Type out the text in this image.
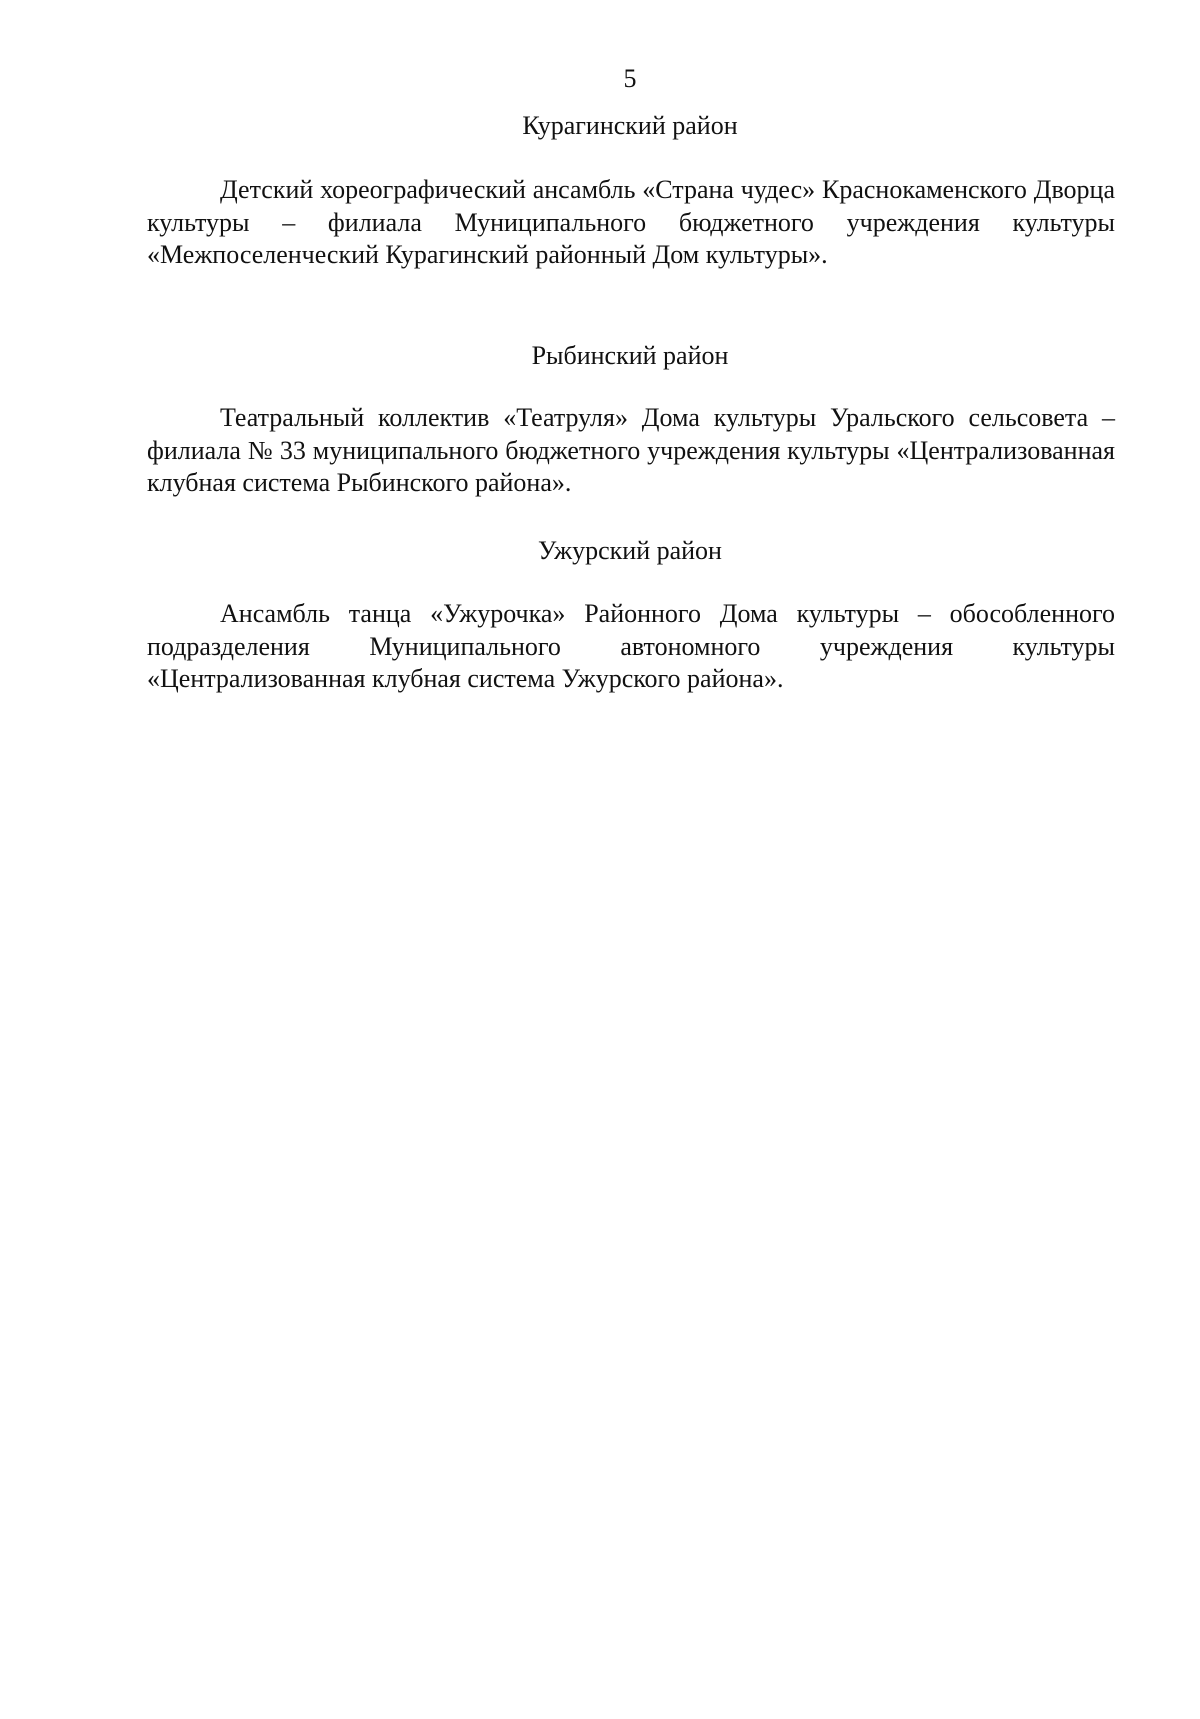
5
Курагинский район

Детский хореографический ансамбль «Страна чудес» Краснокаменского Дворца культуры – филиала Муниципального бюджетного учреждения культуры «Межпоселенческий Курагинский районный Дом культуры».

Рыбинский район

Театральный коллектив «Театруля» Дома культуры Уральского сельсовета – филиала № 33 муниципального бюджетного учреждения культуры «Централизованная клубная система Рыбинского района».

Ужурский район

Ансамбль танца «Ужурочка» Районного Дома культуры – обособленного подразделения Муниципального автономного учреждения культуры «Централизованная клубная система Ужурского района».
